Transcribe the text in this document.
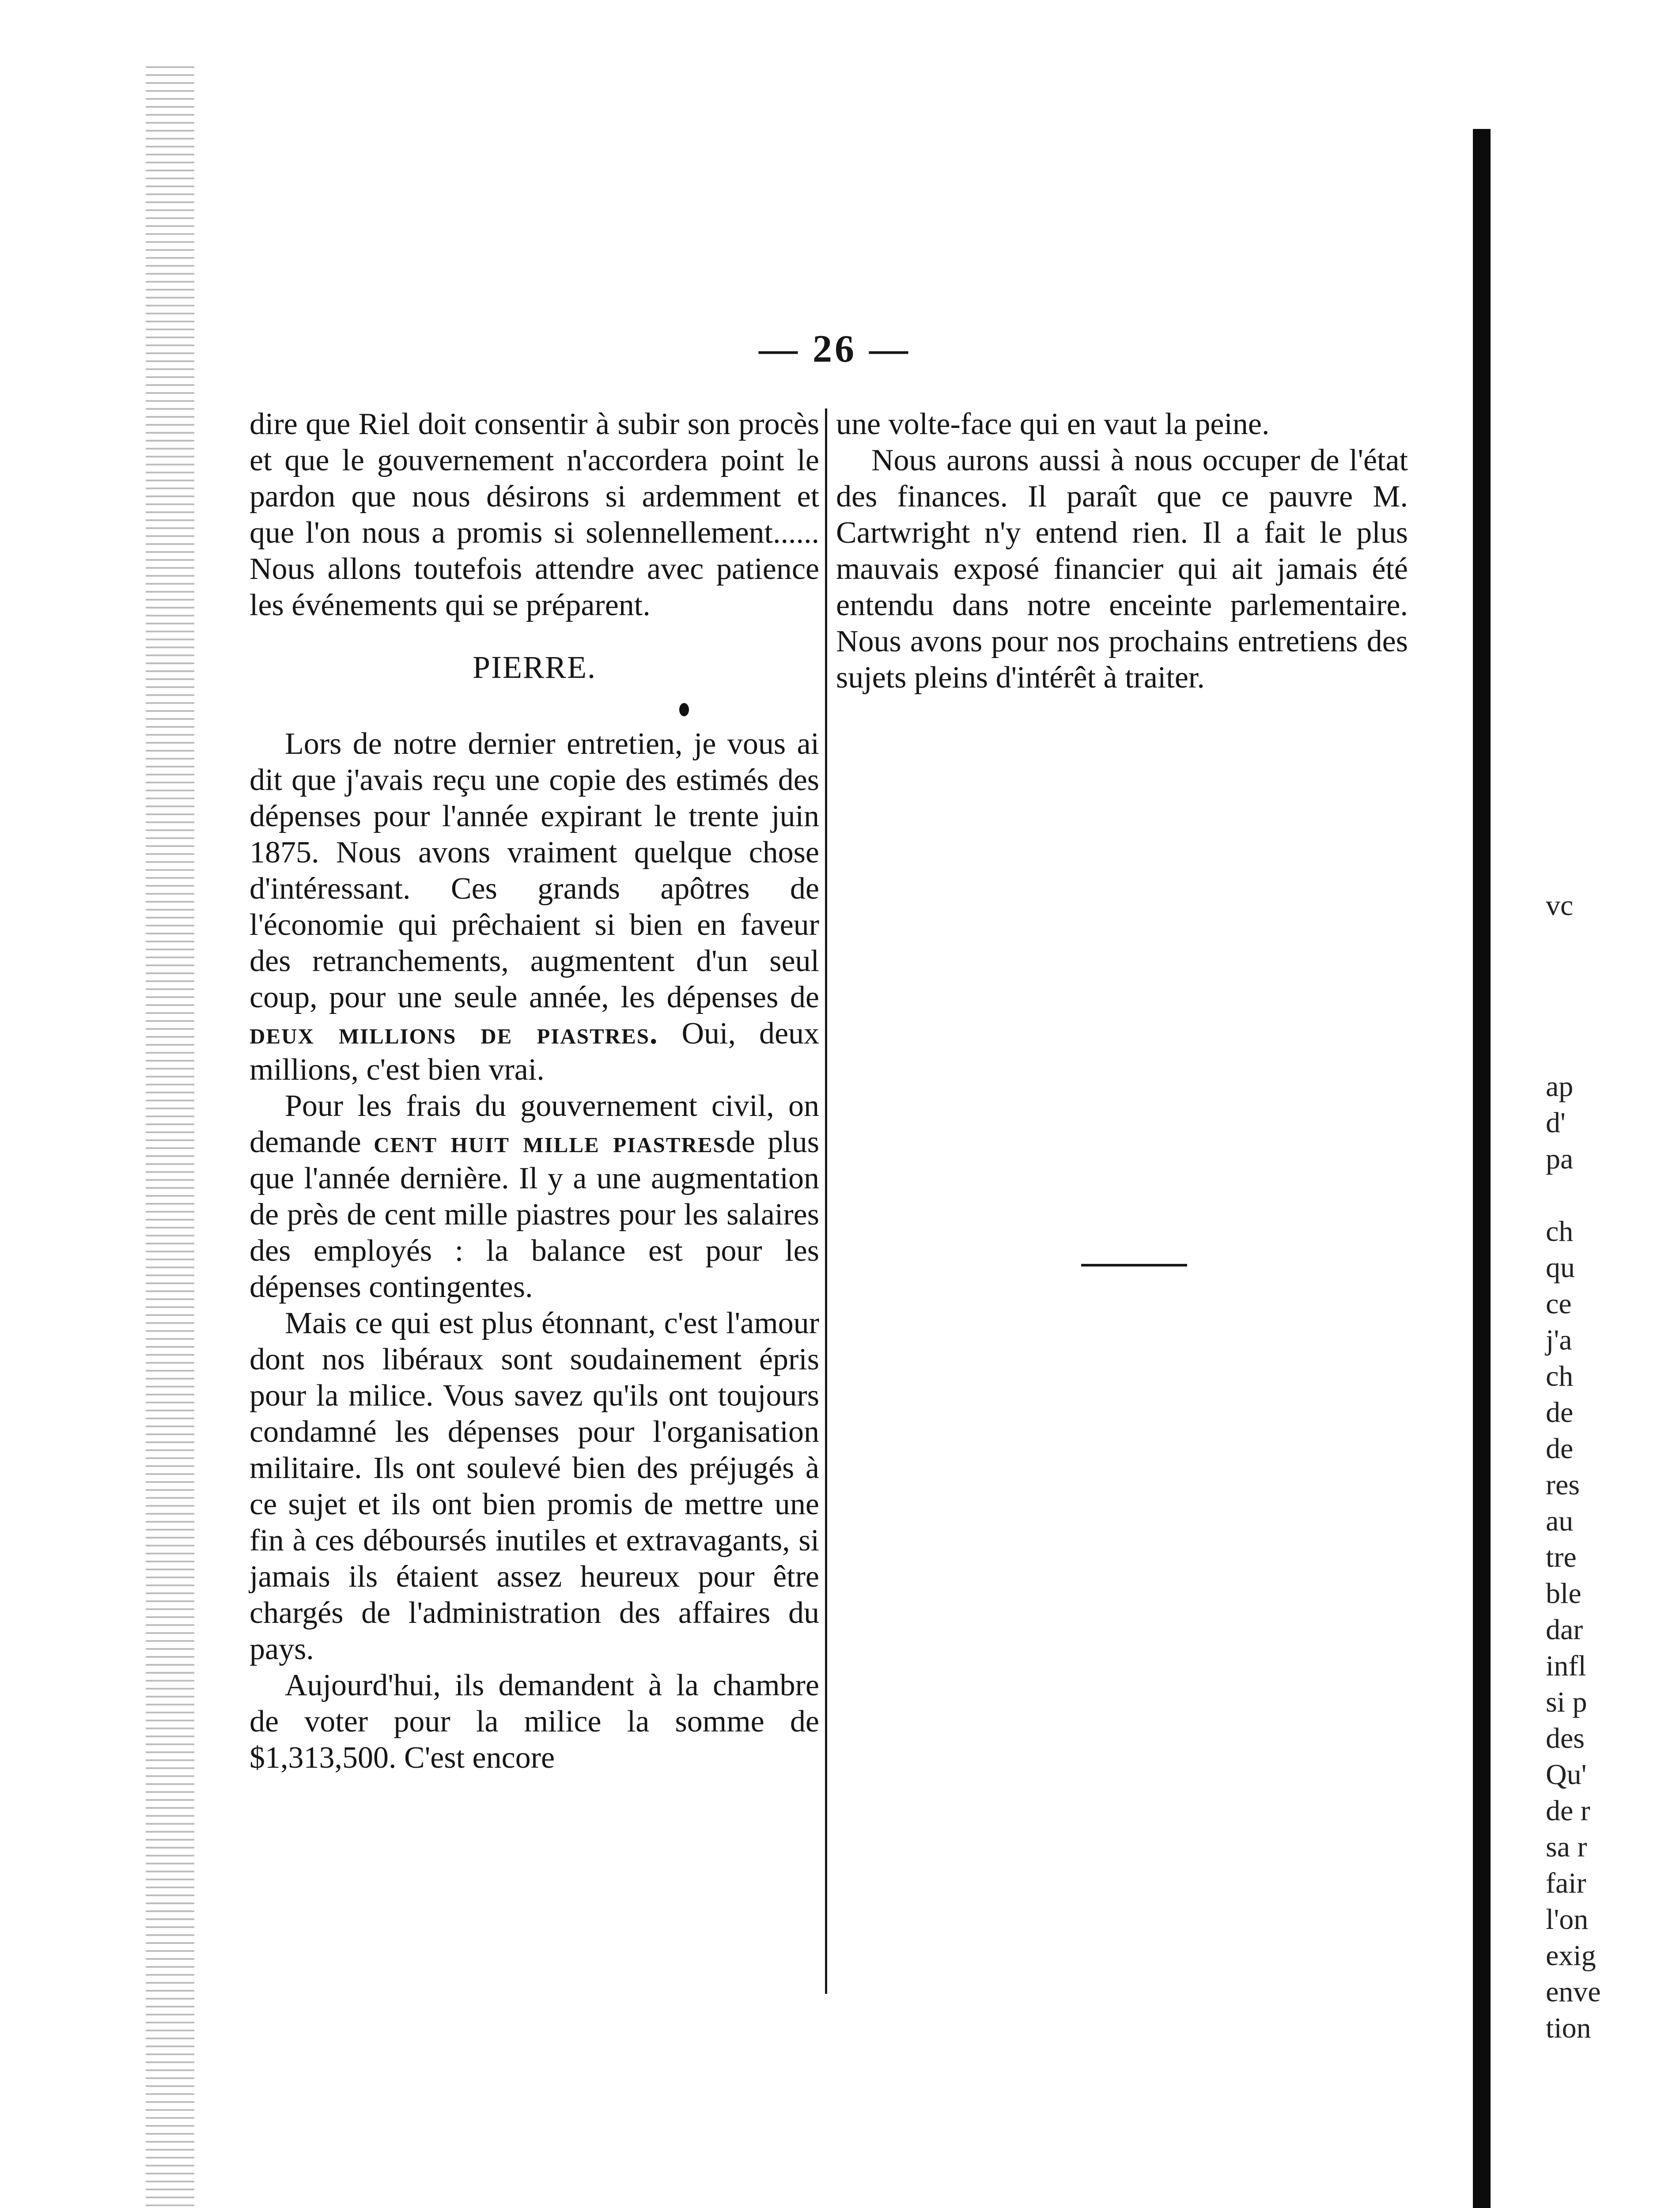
— 26 —

dire que Riel doit consentir à subir son procès et que le gouvernement n'accordera point le pardon que nous désirons si ardemment et que l'on nous a promis si solennellement...... Nous allons toutefois attendre avec patience les événements qui se préparent.

PIERRE.

Lors de notre dernier entretien, je vous ai dit que j'avais reçu une copie des estimés des dépenses pour l'année expirant le trente juin 1875. Nous avons vraiment quelque chose d'intéressant. Ces grands apôtres de l'économie qui prêchaient si bien en faveur des retranchements, augmentent d'un seul coup, pour une seule année, les dépenses de deux millions de piastres. Oui, deux millions, c'est bien vrai.

Pour les frais du gouvernement civil, on demande cent huit mille piastresde plus que l'année dernière. Il y a une augmentation de près de cent mille piastres pour les salaires des employés : la balance est pour les dépenses contingentes.

Mais ce qui est plus étonnant, c'est l'amour dont nos libéraux sont soudainement épris pour la milice. Vous savez qu'ils ont toujours condamné les dépenses pour l'organisation militaire. Ils ont soulevé bien des préjugés à ce sujet et ils ont bien promis de mettre une fin à ces déboursés inutiles et extravagants, si jamais ils étaient assez heureux pour être chargés de l'administration des affaires du pays.

Aujourd'hui, ils demandent à la chambre de voter pour la milice la somme de $1,313,500. C'est encore

une volte-face qui en vaut la peine.

Nous aurons aussi à nous occuper de l'état des finances. Il paraît que ce pauvre M. Cartwright n'y entend rien. Il a fait le plus mauvais exposé financier qui ait jamais été entendu dans notre enceinte parlementaire. Nous avons pour nos prochains entretiens des sujets pleins d'intérêt à traiter.

vc
aр
d'
pa
ch
qu
ce
j'a
ch
de
de
res
au
tre
ble
dar
infl
si p
des
Qu'
de r
sa r
fair
l'on
exig
enve
tion
